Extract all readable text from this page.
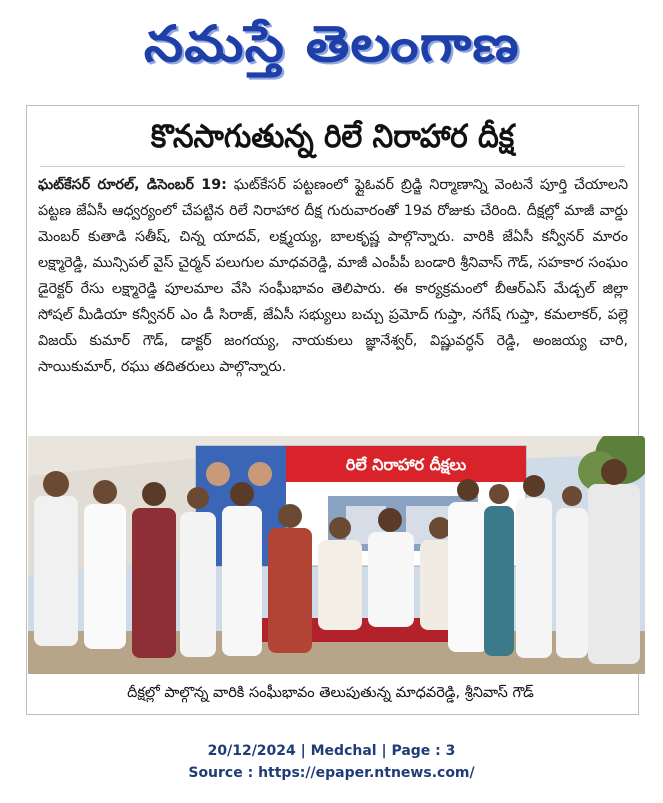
నమస్తే తెలంగాణ
కొనసాగుతున్న రిలే నిరాహార దీక్ష
ఘట్‌కేసర్ రూరల్, డిసెంబర్ 19: ఘట్‌కేసర్ పట్టణంలో ఫ్లైఓవర్ బ్రిడ్జి నిర్మాణాన్ని వెంటనే పూర్తి చేయాలని పట్టణ జేఏసీ ఆధ్వర్యంలో చేపట్టిన రిలే నిరాహార దీక్ష గురువారంతో 19వ రోజుకు చేరింది. దీక్షల్లో మాజీ వార్డు మెంబర్ కుతాడి సతీష్, చిన్న యాదవ్, లక్ష్మయ్య, బాలకృష్ణ పాల్గొన్నారు. వారికి జేఏసీ కన్వీనర్ మారం లక్ష్మారెడ్డి, మున్సిపల్ వైస్ చైర్మన్ పలుగుల మాధవరెడ్డి, మాజీ ఎంపీపీ బండారి శ్రీనివాస్ గౌడ్, సహకార సంఘం డైరెక్టర్ రేసు లక్ష్మారెడ్డి పూలమాల వేసి సంఘీభావం తెలిపారు. ఈ కార్యక్రమంలో బీఆర్ఎస్ మేడ్చల్ జిల్లా సోషల్ మీడియా కన్వీనర్ ఎం డీ సిరాజ్, జేఏసీ సభ్యులు బచ్చు ప్రమోద్ గుప్తా, నగేష్ గుప్తా, కమలాకర్, పల్లె విజయ్ కుమార్ గౌడ్, డాక్టర్ జంగయ్య, నాయకులు జ్ఞానేశ్వర్, విష్ణువర్ధన్ రెడ్డి, అంజయ్య చారి, సాయికుమార్, రఘు తదితరులు పాల్గొన్నారు.
రిలే నిరాహార దీక్షలు
దీక్షల్లో పాల్గొన్న వారికి సంఘీభావం తెలుపుతున్న మాధవరెడ్డి, శ్రీనివాస్ గౌడ్
20/12/2024 | Medchal | Page : 3
Source : https://epaper.ntnews.com/
